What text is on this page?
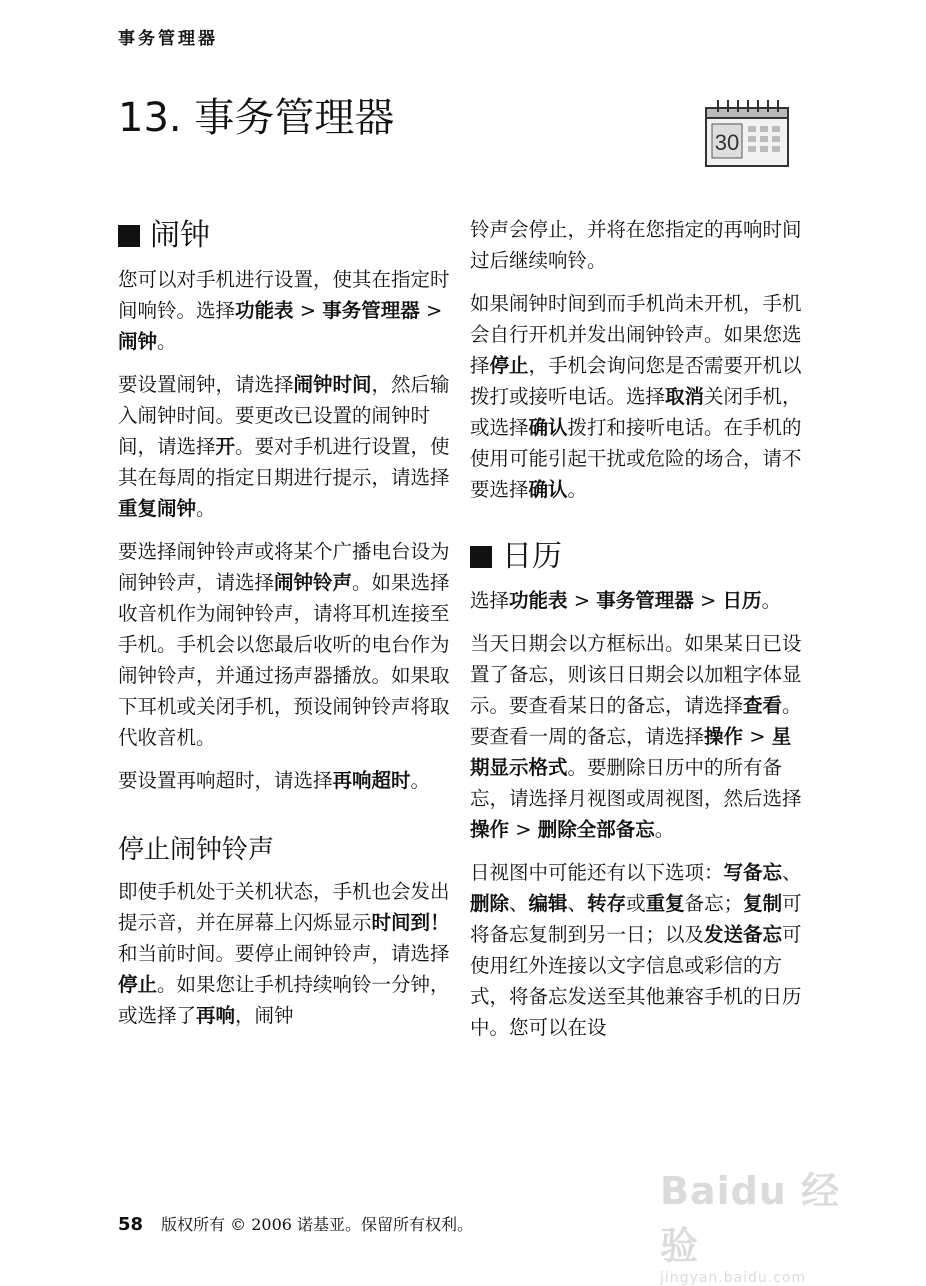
事务管理器
13. 事务管理器
30
闹钟

您可以对手机进行设置，使其在指定时间响铃。选择功能表 > 事务管理器 > 闹钟。

要设置闹钟，请选择闹钟时间，然后输入闹钟时间。要更改已设置的闹钟时间，请选择开。要对手机进行设置，使其在每周的指定日期进行提示，请选择重复闹钟。

要选择闹钟铃声或将某个广播电台设为闹钟铃声，请选择闹钟铃声。如果选择收音机作为闹钟铃声，请将耳机连接至手机。手机会以您最后收听的电台作为闹钟铃声，并通过扬声器播放。如果取下耳机或关闭手机，预设闹钟铃声将取代收音机。

要设置再响超时，请选择再响超时。

停止闹钟铃声

即使手机处于关机状态，手机也会发出提示音，并在屏幕上闪烁显示时间到！和当前时间。要停止闹钟铃声，请选择停止。如果您让手机持续响铃一分钟，或选择了再响，闹钟

铃声会停止，并将在您指定的再响时间过后继续响铃。

如果闹钟时间到而手机尚未开机，手机会自行开机并发出闹钟铃声。如果您选择停止，手机会询问您是否需要开机以拨打或接听电话。选择取消关闭手机，或选择确认拨打和接听电话。在手机的使用可能引起干扰或危险的场合，请不要选择确认。

日历

选择功能表 > 事务管理器 > 日历。

当天日期会以方框标出。如果某日已设置了备忘，则该日日期会以加粗字体显示。要查看某日的备忘，请选择查看。要查看一周的备忘，请选择操作 > 星期显示格式。要删除日历中的所有备忘，请选择月视图或周视图，然后选择操作 > 删除全部备忘。

日视图中可能还有以下选项：写备忘、删除、编辑、转存或重复备忘；复制可将备忘复制到另一日；以及发送备忘可使用红外连接以文字信息或彩信的方式，将备忘发送至其他兼容手机的日历中。您可以在设

58 版权所有 © 2006 诺基亚。保留所有权利。
Baidu 经验
jingyan.baidu.com
